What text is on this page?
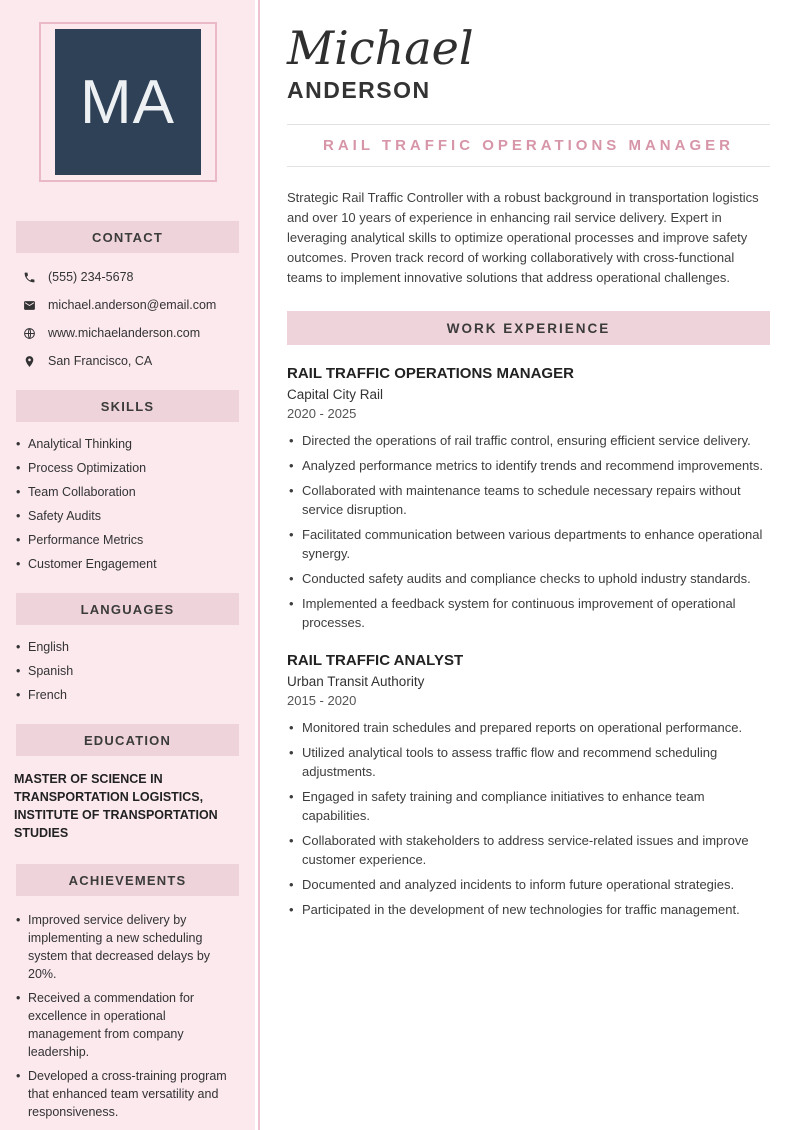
MA
CONTACT
(555) 234-5678
michael.anderson@email.com
www.michaelanderson.com
San Francisco, CA
SKILLS
• Analytical Thinking
• Process Optimization
• Team Collaboration
• Safety Audits
• Performance Metrics
• Customer Engagement
LANGUAGES
• English
• Spanish
• French
EDUCATION
MASTER OF SCIENCE IN TRANSPORTATION LOGISTICS, INSTITUTE OF TRANSPORTATION STUDIES
ACHIEVEMENTS
• Improved service delivery by implementing a new scheduling system that decreased delays by 20%.
• Received a commendation for excellence in operational management from company leadership.
• Developed a cross-training program that enhanced team versatility and responsiveness.
Michael
ANDERSON
RAIL TRAFFIC OPERATIONS MANAGER

Strategic Rail Traffic Controller with a robust background in transportation logistics and over 10 years of experience in enhancing rail service delivery. Expert in leveraging analytical skills to optimize operational processes and improve safety outcomes. Proven track record of working collaboratively with cross-functional teams to implement innovative solutions that address operational challenges.

WORK EXPERIENCE
RAIL TRAFFIC OPERATIONS MANAGER
Capital City Rail
2020 - 2025
• Directed the operations of rail traffic control, ensuring efficient service delivery.
• Analyzed performance metrics to identify trends and recommend improvements.
• Collaborated with maintenance teams to schedule necessary repairs without service disruption.
• Facilitated communication between various departments to enhance operational synergy.
• Conducted safety audits and compliance checks to uphold industry standards.
• Implemented a feedback system for continuous improvement of operational processes.
RAIL TRAFFIC ANALYST
Urban Transit Authority
2015 - 2020
• Monitored train schedules and prepared reports on operational performance.
• Utilized analytical tools to assess traffic flow and recommend scheduling adjustments.
• Engaged in safety training and compliance initiatives to enhance team capabilities.
• Collaborated with stakeholders to address service-related issues and improve customer experience.
• Documented and analyzed incidents to inform future operational strategies.
• Participated in the development of new technologies for traffic management.
